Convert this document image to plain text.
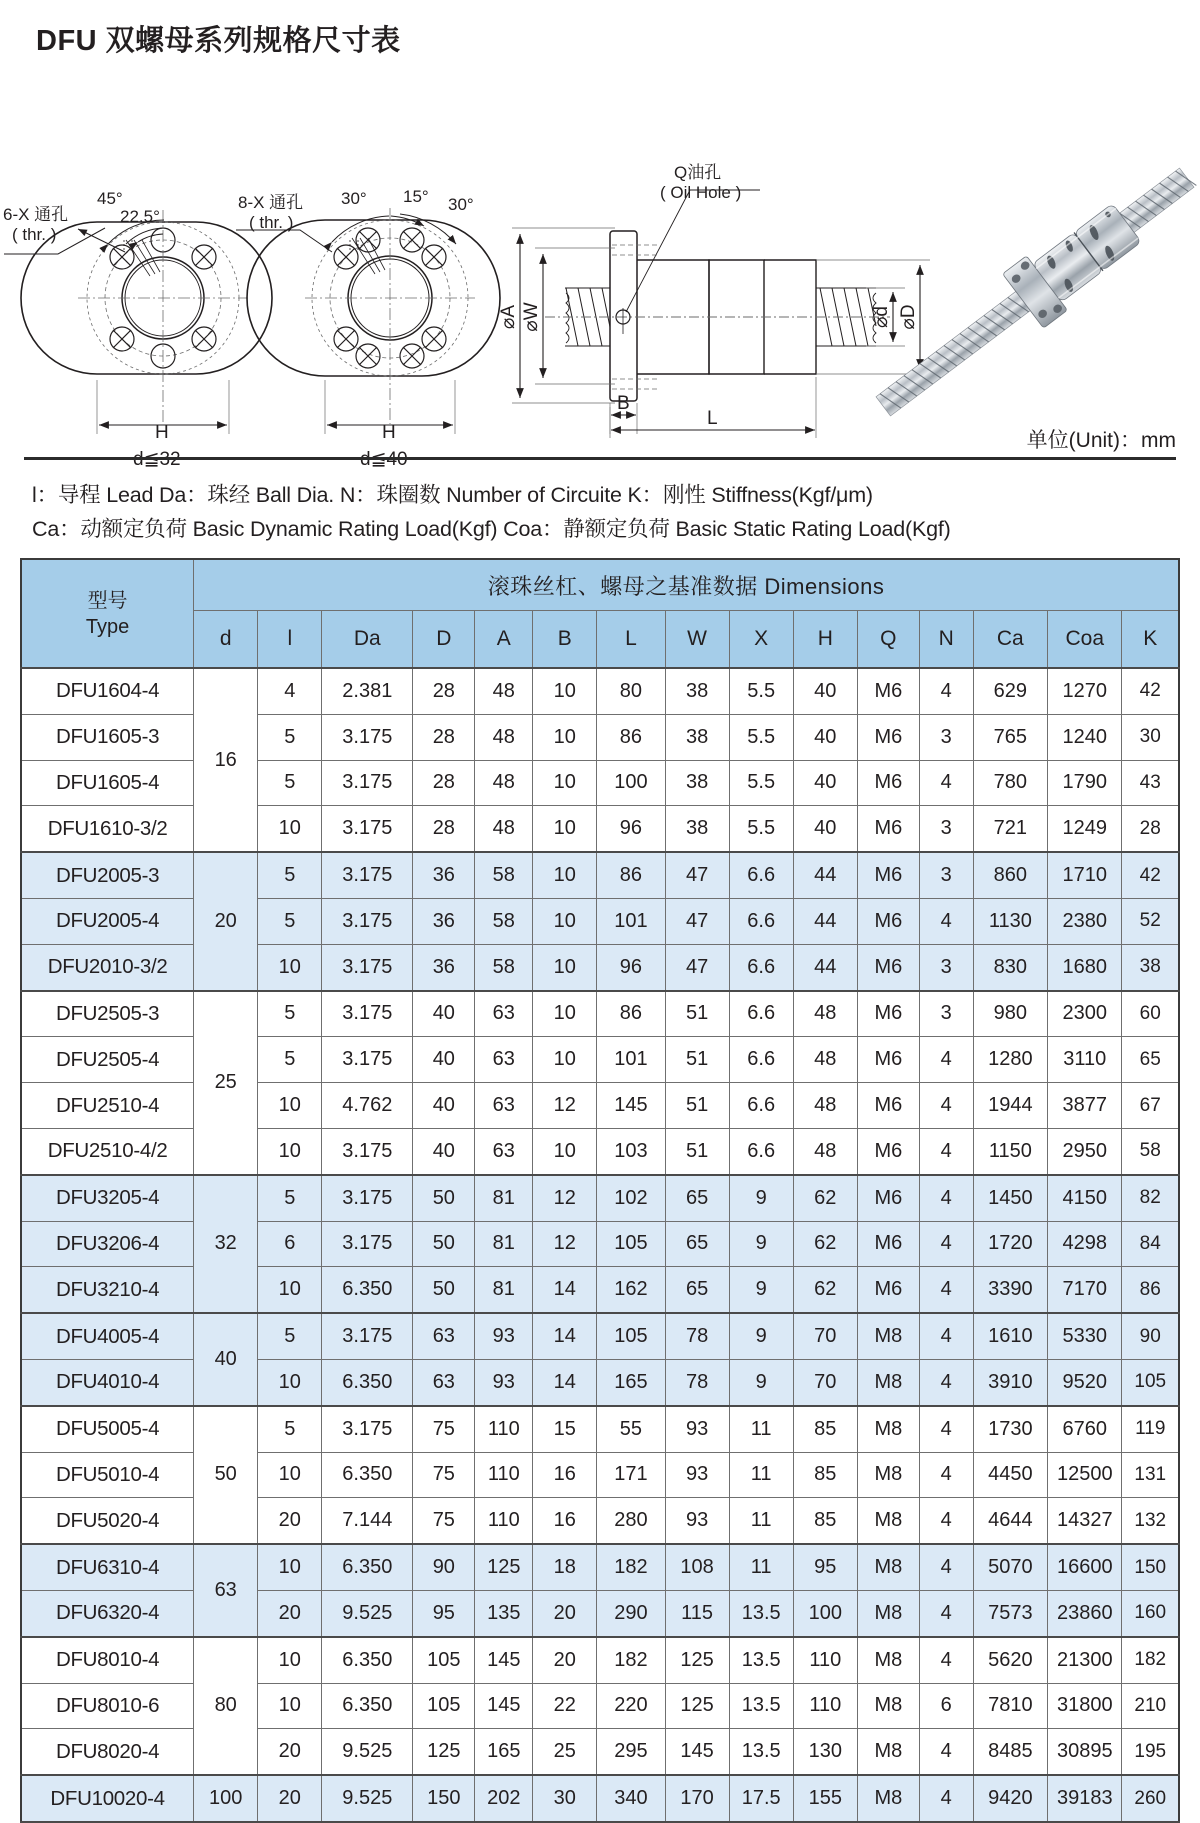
DFU 双螺母系列规格尺寸表
6-X 通孔
( thr. )
45°
22.5°
H
d≦32
8-X 通孔
( thr. )
30° 15° 30°
H
d≦40
Q油孔
( Oil Hole )
⌀A ⌀W	⌀d ⌀D
B
L
单位(Unit)：mm
l：导程 Lead Da：珠经 Ball Dia. N：珠圈数 Number of Circuite K：刚性 Stiffness(Kgf/μm)
Ca：动额定负荷 Basic Dynamic Rating Load(Kgf) Coa：静额定负荷 Basic Static Rating Load(Kgf)
型号
Type	滚珠丝杠、螺母之基准数据 Dimensions														
	d	l	Da	D	A	B	L	W	X	H	Q	N	Ca	Coa	K
DFU1604-4	16	4	2.381	28	48	10	80	38	5.5	40	M6	4	629	1270	42
DFU1605-3		5	3.175	28	48	10	86	38	5.5	40	M6	3	765	1240	30
DFU1605-4		5	3.175	28	48	10	100	38	5.5	40	M6	4	780	1790	43
DFU1610-3/2		10	3.175	28	48	10	96	38	5.5	40	M6	3	721	1249	28
DFU2005-3	20	5	3.175	36	58	10	86	47	6.6	44	M6	3	860	1710	42
DFU2005-4		5	3.175	36	58	10	101	47	6.6	44	M6	4	1130	2380	52
DFU2010-3/2		10	3.175	36	58	10	96	47	6.6	44	M6	3	830	1680	38
DFU2505-3	25	5	3.175	40	63	10	86	51	6.6	48	M6	3	980	2300	60
DFU2505-4		5	3.175	40	63	10	101	51	6.6	48	M6	4	1280	3110	65
DFU2510-4		10	4.762	40	63	12	145	51	6.6	48	M6	4	1944	3877	67
DFU2510-4/2		10	3.175	40	63	10	103	51	6.6	48	M6	4	1150	2950	58
DFU3205-4	32	5	3.175	50	81	12	102	65	9	62	M6	4	1450	4150	82
DFU3206-4		6	3.175	50	81	12	105	65	9	62	M6	4	1720	4298	84
DFU3210-4		10	6.350	50	81	14	162	65	9	62	M6	4	3390	7170	86
DFU4005-4	40	5	3.175	63	93	14	105	78	9	70	M8	4	1610	5330	90
DFU4010-4		10	6.350	63	93	14	165	78	9	70	M8	4	3910	9520	105
DFU5005-4	50	5	3.175	75	110	15	55	93	11	85	M8	4	1730	6760	119
DFU5010-4		10	6.350	75	110	16	171	93	11	85	M8	4	4450	12500	131
DFU5020-4		20	7.144	75	110	16	280	93	11	85	M8	4	4644	14327	132
DFU6310-4	63	10	6.350	90	125	18	182	108	11	95	M8	4	5070	16600	150
DFU6320-4		20	9.525	95	135	20	290	115	13.5	100	M8	4	7573	23860	160
DFU8010-4	80	10	6.350	105	145	20	182	125	13.5	110	M8	4	5620	21300	182
DFU8010-6		10	6.350	105	145	22	220	125	13.5	110	M8	6	7810	31800	210
DFU8020-4		20	9.525	125	165	25	295	145	13.5	130	M8	4	8485	30895	195
DFU10020-4	100	20	9.525	150	202	30	340	170	17.5	155	M8	4	9420	39183	260
